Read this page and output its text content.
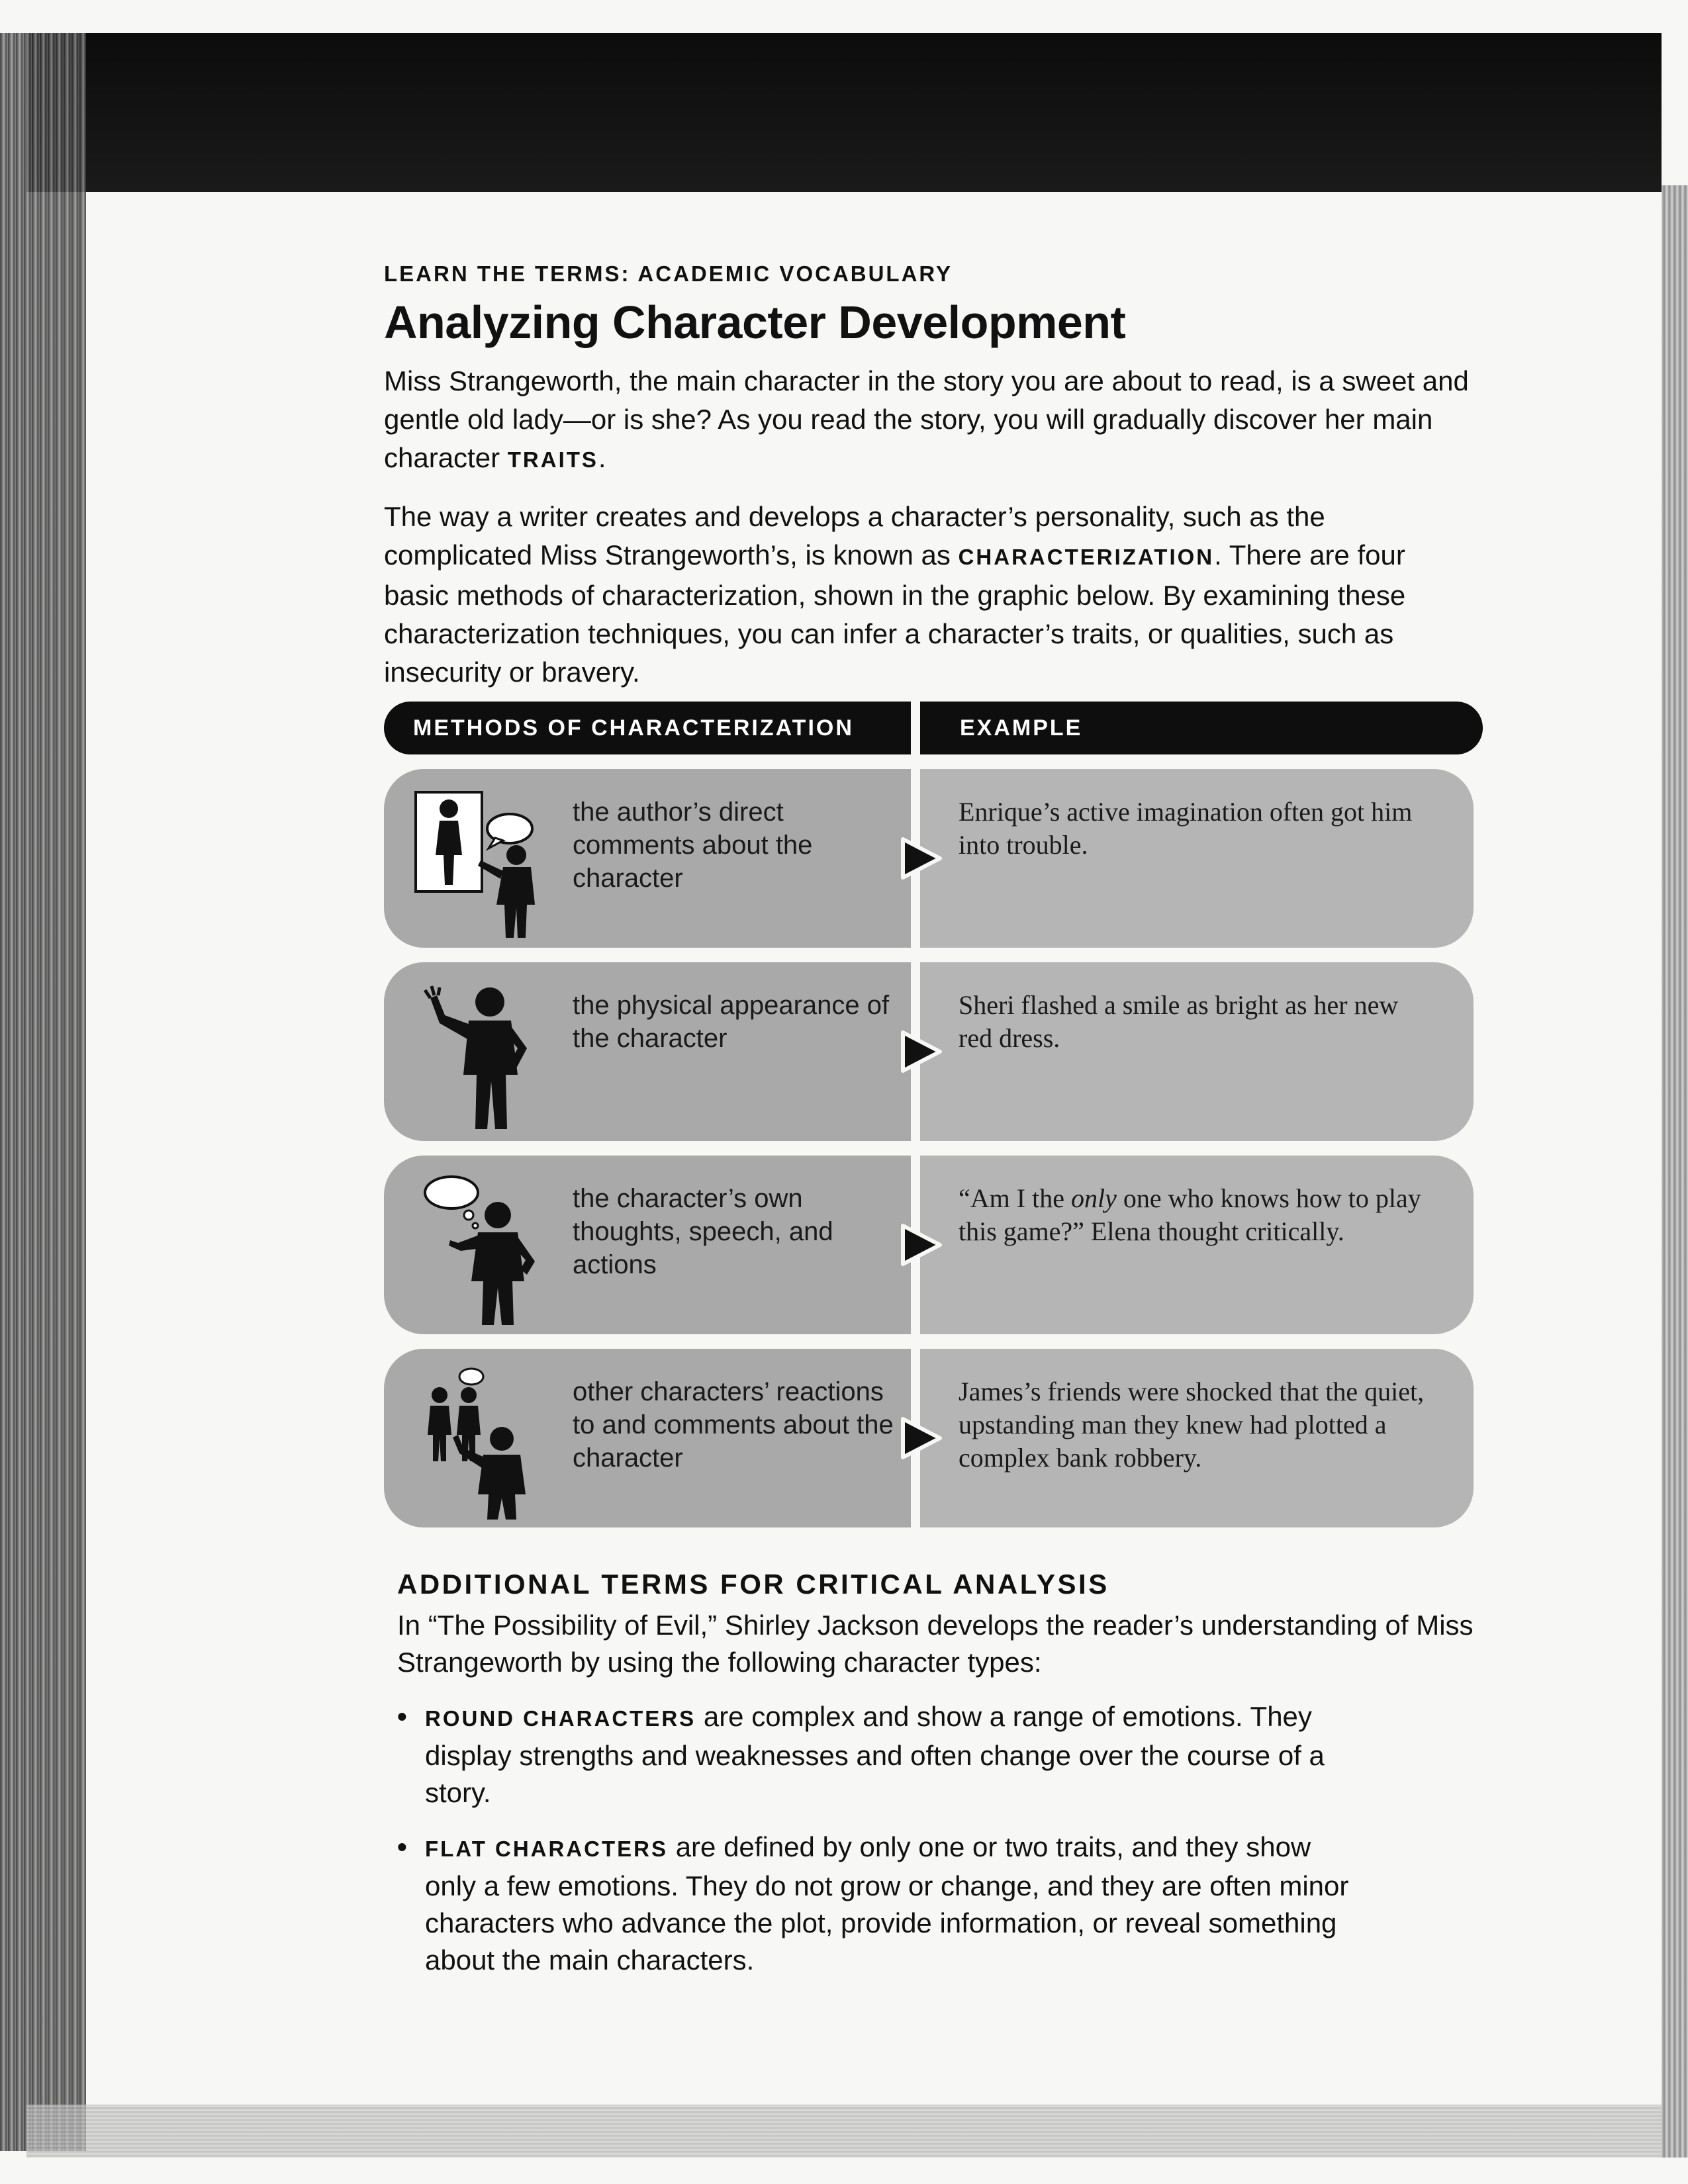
LEARN THE TERMS: ACADEMIC VOCABULARY

Analyzing Character Development

Miss Strangeworth, the main character in the story you are about to read, is a sweet and gentle old lady—or is she? As you read the story, you will gradually discover her main character TRAITS.

The way a writer creates and develops a character’s personality, such as the complicated Miss Strangeworth’s, is known as CHARACTERIZATION. There are four basic methods of characterization, shown in the graphic below. By examining these characterization techniques, you can infer a character’s traits, or qualities, such as insecurity or bravery.

METHODS OF CHARACTERIZATION	EXAMPLE
the author’s direct comments about the character
Enrique’s active imagination often got him into trouble.
the physical appearance of the character
Sheri flashed a smile as bright as her new red dress.
the character’s own thoughts, speech, and actions
“Am I the only one who knows how to play this game?” Elena thought critically.
other characters’ reactions to and comments about the character
James’s friends were shocked that the quiet, upstanding man they knew had plotted a complex bank robbery.
ADDITIONAL TERMS FOR CRITICAL ANALYSIS

In “The Possibility of Evil,” Shirley Jackson develops the reader’s understanding of Miss Strangeworth by using the following character types:

• ROUND CHARACTERS are complex and show a range of emotions. They display strengths and weaknesses and often change over the course of a story.
• FLAT CHARACTERS are defined by only one or two traits, and they show only a few emotions. They do not grow or change, and they are often minor characters who advance the plot, provide information, or reveal something about the main characters.
